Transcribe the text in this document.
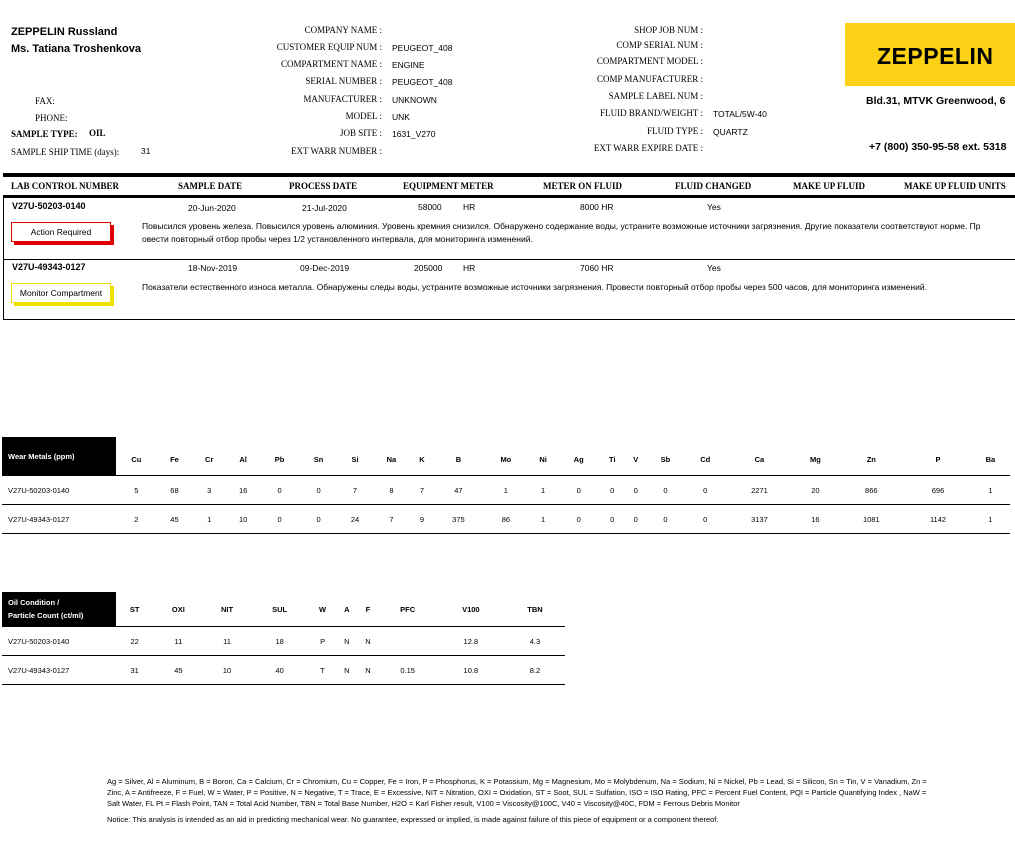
ZEPPELIN Russland
Ms. Tatiana Troshenkova
FAX:
PHONE:
SAMPLE TYPE: OIL
SAMPLE SHIP TIME (days):	31
COMPANY NAME :
CUSTOMER EQUIP NUM : PEUGEOT_408
COMPARTMENT NAME : ENGINE
SERIAL NUMBER : PEUGEOT_408
MANUFACTURER : UNKNOWN
MODEL : UNK
JOB SITE : 1631_V270
EXT WARR NUMBER :
SHOP JOB NUM :
COMP SERIAL NUM :
COMPARTMENT MODEL :
COMP MANUFACTURER :
SAMPLE LABEL NUM :
FLUID BRAND/WEIGHT : TOTAL/5W-40
FLUID TYPE : QUARTZ
EXT WARR EXPIRE DATE :
ZEPPELIN
Bld.31, MTVK Greenwood, 6
+7 (800) 350-95-58 ext. 5318
LAB CONTROL NUMBER	SAMPLE DATE	PROCESS DATE	EQUIPMENT METER	METER ON FLUID	FLUID CHANGED	MAKE UP FLUID	MAKE UP FLUID UNITS
V27U-50203-0140	20-Jun-2020	21-Jul-2020	58000	HR	8000 HR	Yes
Action Required
Повысился уровень железа. Повысился уровень алюминия. Уровень кремния снизился. Обнаружено содержание воды, устраните возможные источники загрязнения. Другие показатели соответствуют норме. Пр овести повторный отбор пробы через 1/2 установленного интервала, для мониторинга изменений.
V27U-49343-0127	18-Nov-2019	09-Dec-2019	205000 HR	7060 HR	Yes
Monitor Compartment
Показатели естественного износа металла. Обнаружены следы воды, устраните возможные источники загрязнения. Провести повторный отбор пробы через 500 часов, для мониторинга изменений.
Wear Metals (ppm)	Cu	Fe	Cr	Al	Pb	Sn	Si	Na	K	B	Mo	Ni	Ag	Ti	V	Sb	Cd	Ca	Mg	Zn	P	Ba
V27U-50203-0140	5	68	3	16	0	0	7	8	7	47	1	1	0	0	0	0	0	2271	20	866	696	1
V27U-49343-0127	2	45	1	10	0	0	24	7	9	375	86	1	0	0	0	0	0	3137	16	1081	1142	1
Oil Condition /
Particle Count (ct/ml)	ST	OXI	NIT	SUL	W	A	F	PFC	V100	TBN
V27U-50203-0140	22	11	11	18	P	N	N		12.8	4.3
V27U-49343-0127	31	45	10	40	T	N	N	0.15	10.8	8.2
Ag = Silver, Al = Aluminum, B = Boron, Ca = Calcium, Cr = Chromium, Cu = Copper, Fe = Iron, P = Phosphorus, K = Potassium, Mg = Magnesium, Mo = Molybdenum, Na = Sodium, Ni = Nickel, Pb = Lead, Si = Silicon, Sn = Tin, V = Vanadium, Zn = Zinc, A = Antifreeze, F = Fuel, W = Water, P = Positive, N = Negative, T = Trace, E = Excessive, NIT = Nitration, OXI = Oxidation, ST = Soot, SUL = Sulfation, ISO = ISO Rating, PFC = Percent Fuel Content, PQI = Particle Quantifying Index , NaW = Salt Water, FL Pt = Flash Point, TAN = Total Acid Number, TBN = Total Base Number, H2O = Karl Fisher result, V100 = Viscosity@100C, V40 = Viscosity@40C, FDM = Ferrous Debris Monitor
Notice: This analysis is intended as an aid in predicting mechanical wear. No guarantee, expressed or implied, is made against failure of this piece of equipment or a component thereof.
